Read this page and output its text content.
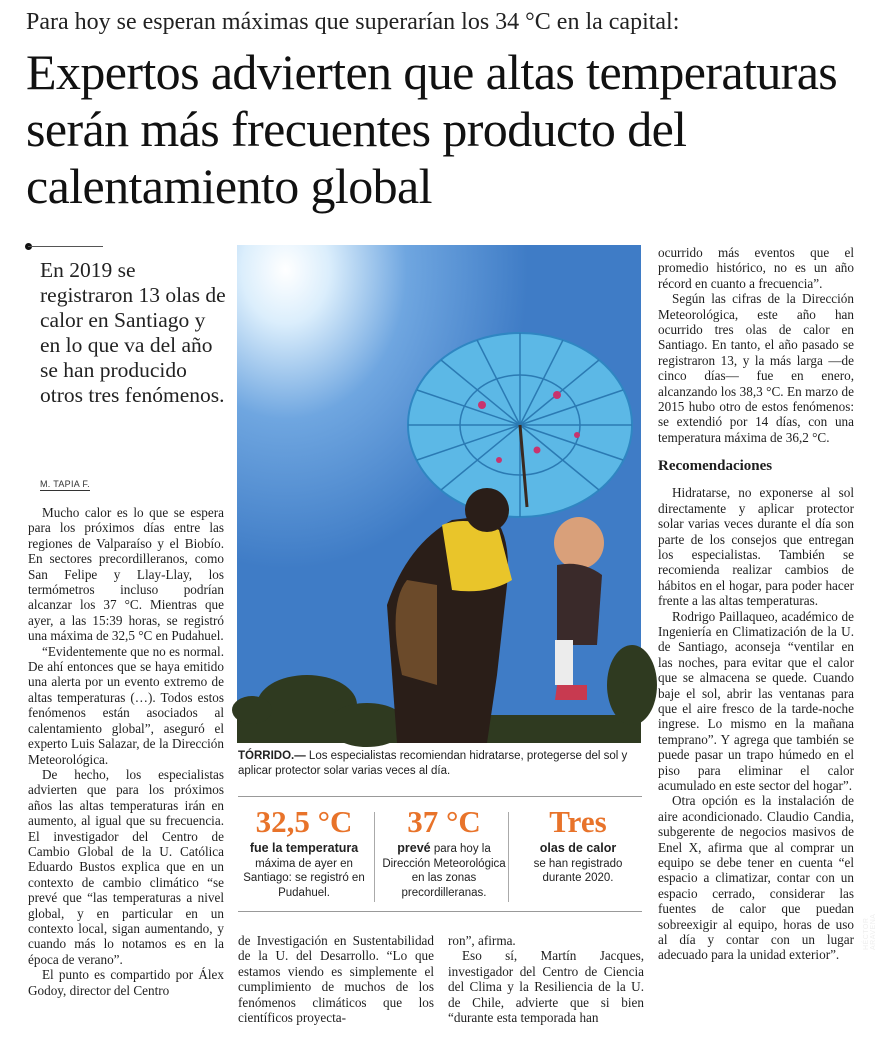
Para hoy se esperan máximas que superarían los 34 °C en la capital:
Expertos advierten que altas temperaturas serán más frecuentes producto del calentamiento global
En 2019 se registraron 13 olas de calor en Santiago y en lo que va del año se han producido otros tres fenómenos.
M. TAPIA F.

Mucho calor es lo que se espera para los próximos días entre las regiones de Valparaíso y el Biobío. En sectores precordilleranos, como San Felipe y Llay-Llay, los termómetros incluso podrían alcanzar los 37 °C. Mientras que ayer, a las 15:39 horas, se registró una máxima de 32,5 °C en Pudahuel.

“Evidentemente que no es normal. De ahí entonces que se haya emitido una alerta por un evento extremo de altas temperaturas (…). Todos estos fenómenos están asociados al calentamiento global”, aseguró el experto Luis Salazar, de la Dirección Meteorológica.

De hecho, los especialistas advierten que para los próximos años las altas temperaturas irán en aumento, al igual que su frecuencia. El investigador del Centro de Cambio Global de la U. Católica Eduardo Bustos explica que en un contexto de cambio climático “se prevé que “las temperaturas a nivel global, y en particular en un contexto local, sigan aumentando, y cuando más lo notamos es en la época de verano”.

El punto es compartido por Álex Godoy, director del Centro

HÉCTOR ARAVENA
TÓRRIDO.— Los especialistas recomiendan hidratarse, protegerse del sol y aplicar protector solar varias veces al día.
32,5 °C
fue la temperatura máxima de ayer en Santiago: se registró en Pudahuel.
37 °C
prevé para hoy la Dirección Meteorológica en las zonas precordilleranas.
Tres
olas de calor
se han registrado durante 2020.

de Investigación en Sustentabilidad de la U. del Desarrollo. “Lo que estamos viendo es simplemente el cumplimiento de muchos de los fenómenos climáticos que los científicos proyecta-

ron”, afirma.

Eso sí, Martín Jacques, investigador del Centro de Ciencia del Clima y la Resiliencia de la U. de Chile, advierte que si bien “durante esta temporada han

ocurrido más eventos que el promedio histórico, no es un año récord en cuanto a frecuencia”.

Según las cifras de la Dirección Meteorológica, este año han ocurrido tres olas de calor en Santiago. En tanto, el año pasado se registraron 13, y la más larga —de cinco días— fue en enero, alcanzando los 38,3 °C. En marzo de 2015 hubo otro de estos fenómenos: se extendió por 14 días, con una temperatura máxima de 36,2 °C.

Recomendaciones

Hidratarse, no exponerse al sol directamente y aplicar protector solar varias veces durante el día son parte de los consejos que entregan los especialistas. También se recomienda realizar cambios de hábitos en el hogar, para poder hacer frente a las altas temperaturas.

Rodrigo Paillaqueo, académico de Ingeniería en Climatización de la U. de Santiago, aconseja “ventilar en las noches, para evitar que el calor que se almacena se quede. Cuando baje el sol, abrir las ventanas para que el aire fresco de la tarde-noche ingrese. Lo mismo en la mañana temprano”. Y agrega que también se puede pasar un trapo húmedo en el piso para eliminar el calor acumulado en este sector del hogar”.

Otra opción es la instalación de aire acondicionado. Claudio Candia, subgerente de negocios masivos de Enel X, afirma que al comprar un equipo se debe tener en cuenta “el espacio a climatizar, contar con un espacio cerrado, considerar las fuentes de calor que puedan sobreexigir al equipo, horas de uso al día y contar con un lugar adecuado para la unidad exterior”.
